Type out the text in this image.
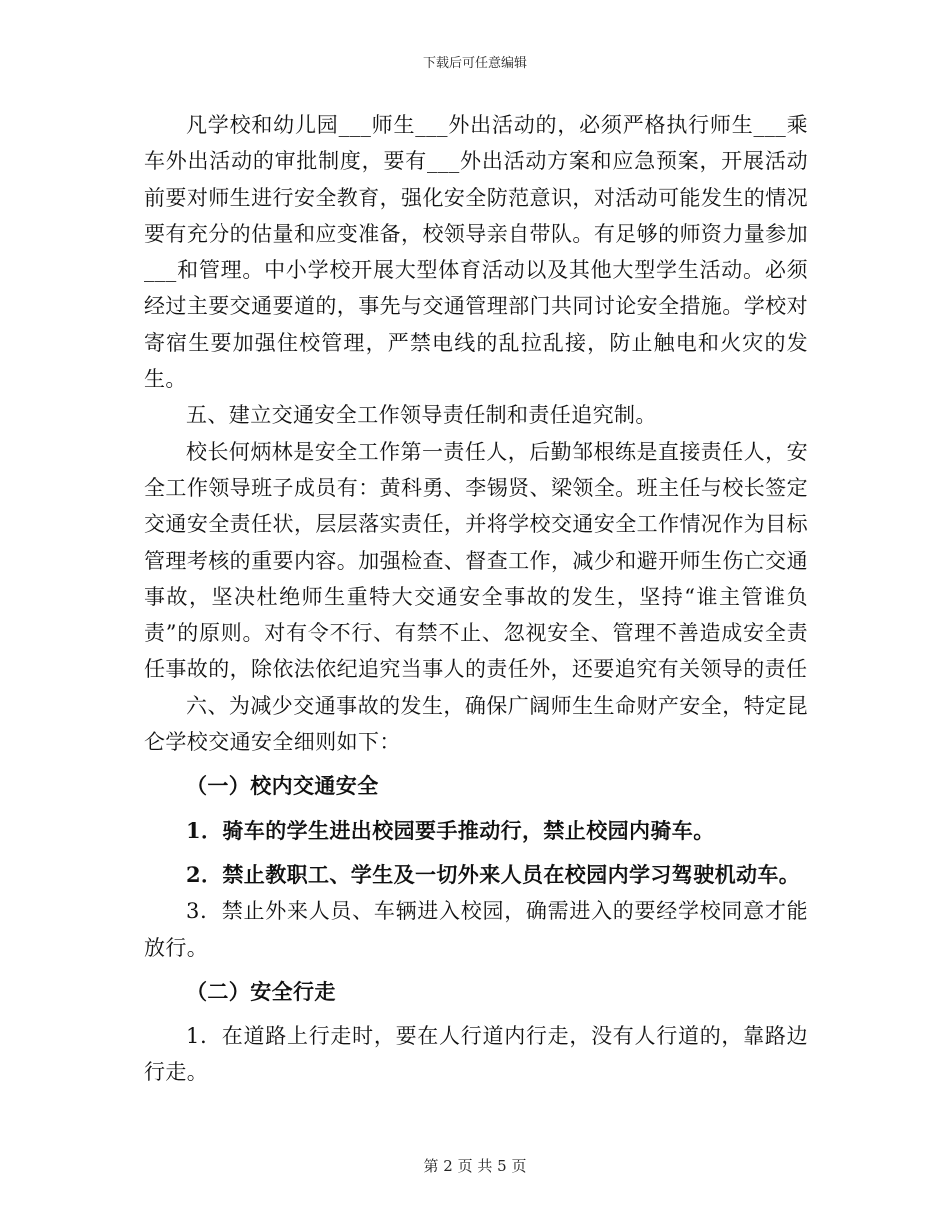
下载后可任意编辑

凡学校和幼儿园___师生___外出活动的，必须严格执行师生___乘车外出活动的审批制度，要有___外出活动方案和应急预案，开展活动前要对师生进行安全教育，强化安全防范意识，对活动可能发生的情况要有充分的估量和应变准备，校领导亲自带队。有足够的师资力量参加___和管理。中小学校开展大型体育活动以及其他大型学生活动。必须经过主要交通要道的，事先与交通管理部门共同讨论安全措施。学校对寄宿生要加强住校管理，严禁电线的乱拉乱接，防止触电和火灾的发生。

五、建立交通安全工作领导责任制和责任追究制。

校长何炳林是安全工作第一责任人，后勤邹根练是直接责任人，安全工作领导班子成员有：黄科勇、李锡贤、梁领全。班主任与校长签定交通安全责任状，层层落实责任，并将学校交通安全工作情况作为目标管理考核的重要内容。加强检查、督查工作，减少和避开师生伤亡交通事故，坚决杜绝师生重特大交通安全事故的发生，坚持“谁主管谁负责”的原则。对有令不行、有禁不止、忽视安全、管理不善造成安全责任事故的，除依法依纪追究当事人的责任外，还要追究有关领导的责任

六、为减少交通事故的发生，确保广阔师生生命财产安全，特定昆仑学校交通安全细则如下：

（一）校内交通安全

1．骑车的学生进出校园要手推动行，禁止校园内骑车。

2．禁止教职工、学生及一切外来人员在校园内学习驾驶机动车。

3．禁止外来人员、车辆进入校园，确需进入的要经学校同意才能放行。

（二）安全行走

1．在道路上行走时，要在人行道内行走，没有人行道的，靠路边行走。

第 2 页 共 5 页
